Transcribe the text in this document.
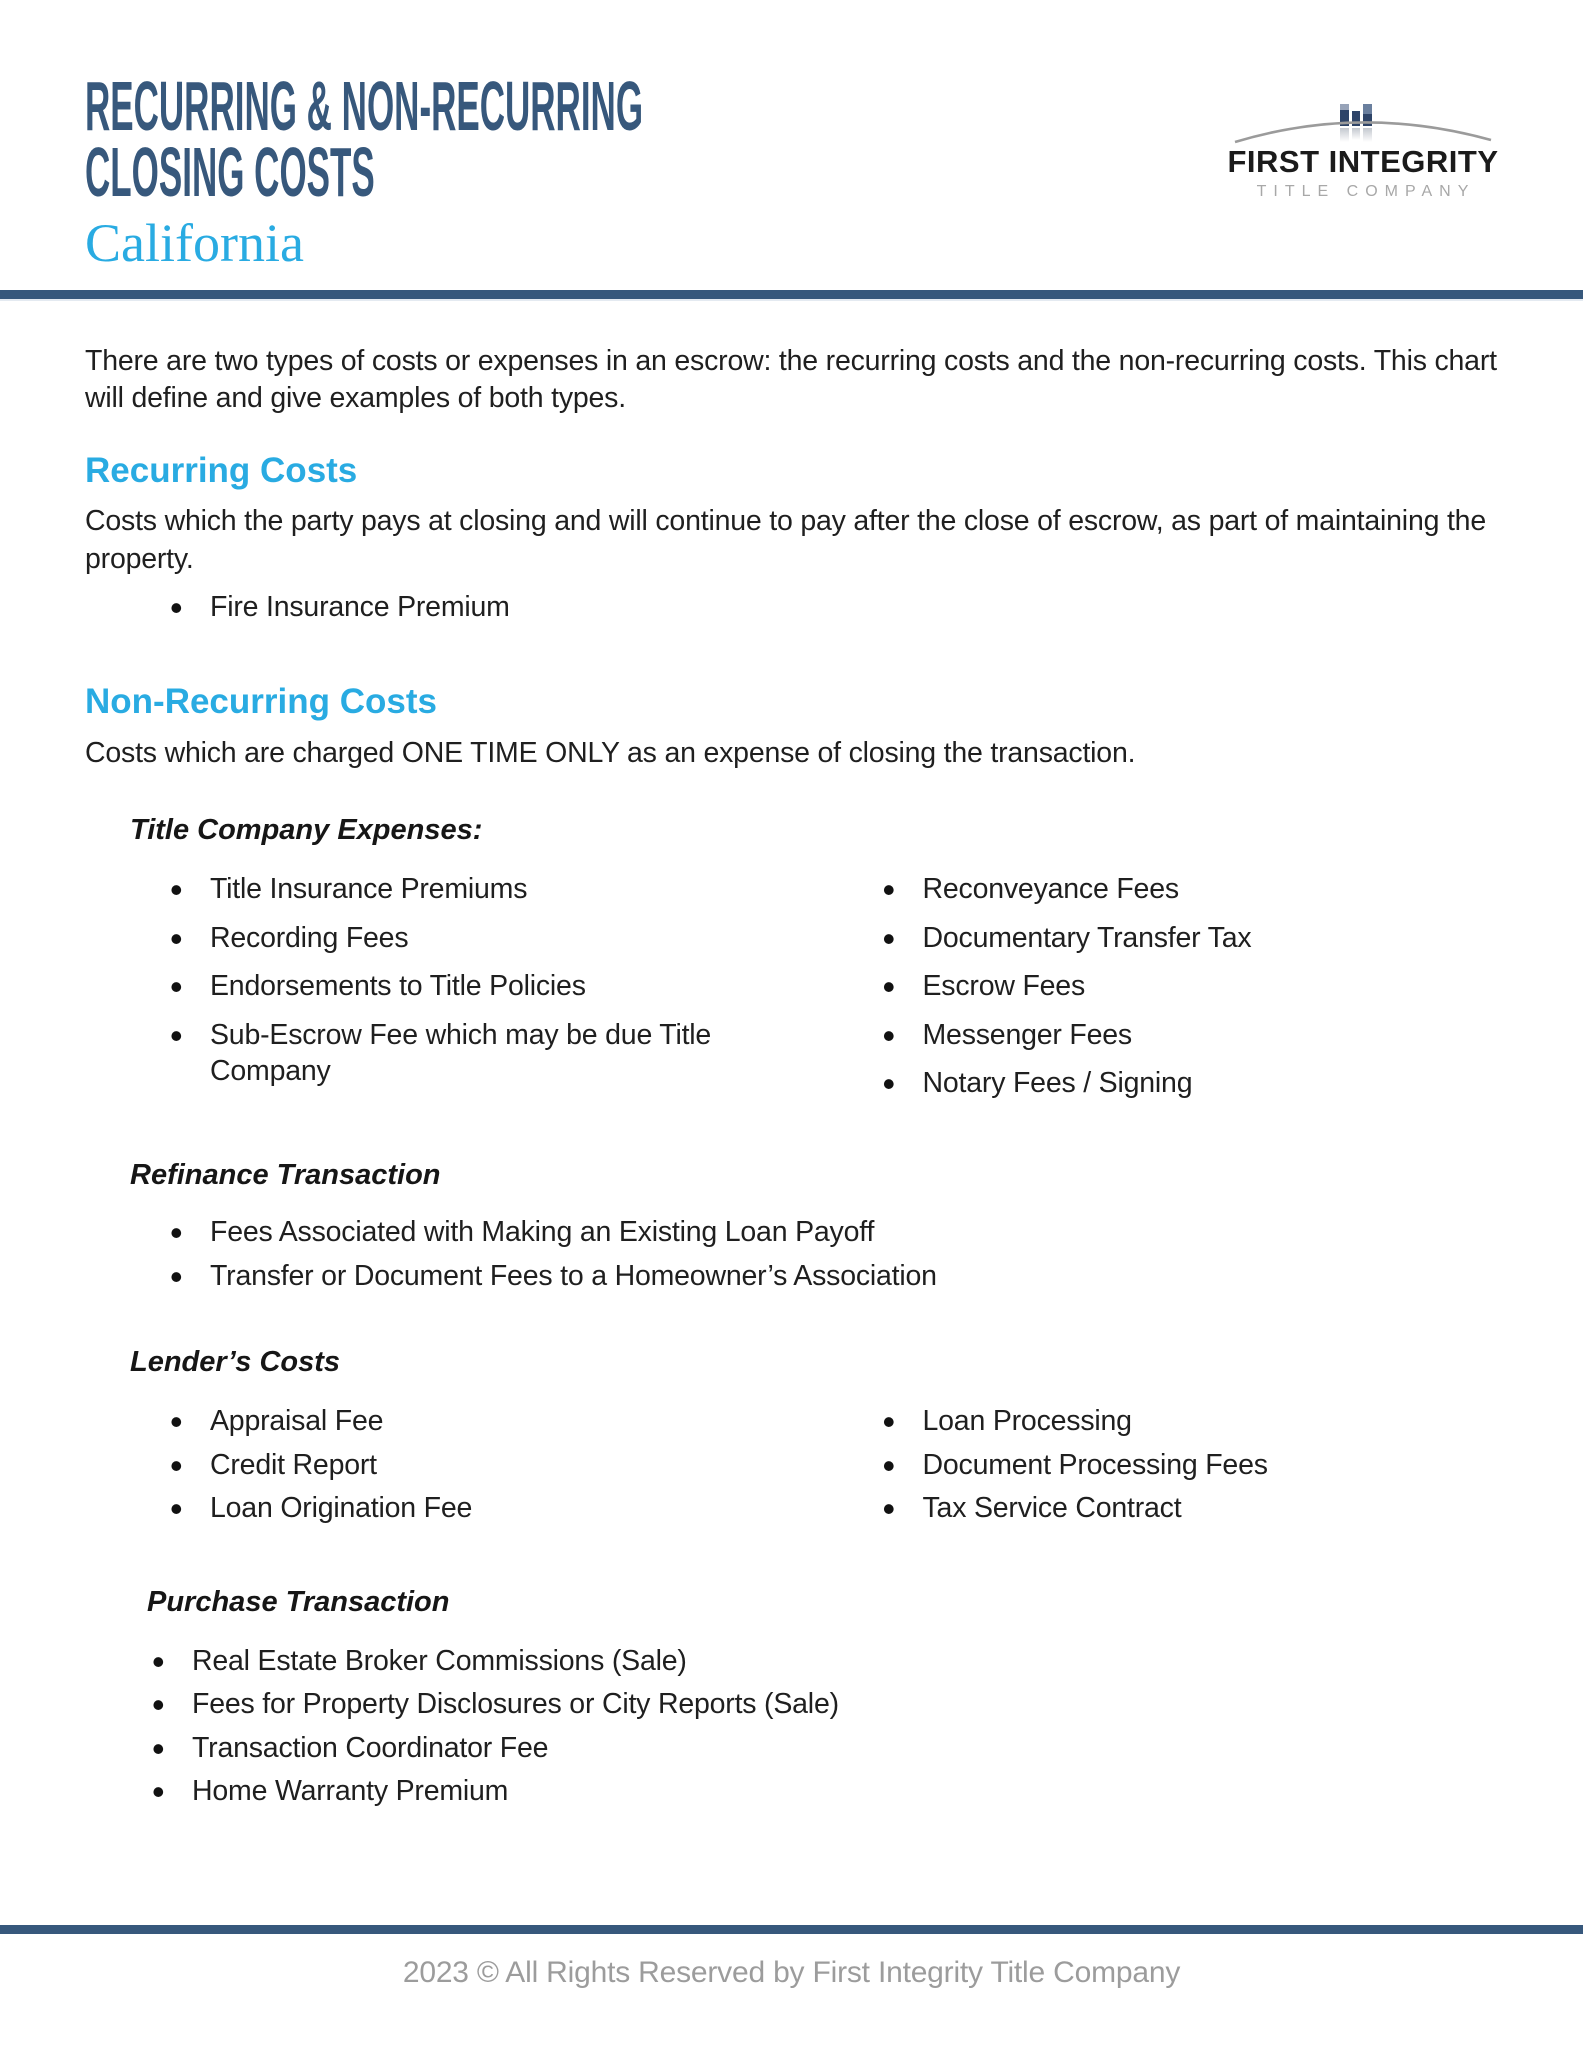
FIRST INTEGRITY
TITLE COMPANY
RECURRING & NON-RECURRING
CLOSING COSTS
California

There are two types of costs or expenses in an escrow: the recurring costs and the non-recurring costs. This chart will define and give examples of both types.

Recurring Costs

Costs which the party pays at closing and will continue to pay after the close of escrow, as part of maintaining the property.

• Fire Insurance Premium
Non-Recurring Costs

Costs which are charged ONE TIME ONLY as an expense of closing the transaction.

Title Company Expenses:
• Title Insurance Premiums
• Recording Fees
• Endorsements to Title Policies
• Sub-Escrow Fee which may be due Title Company
• Reconveyance Fees
• Documentary Transfer Tax
• Escrow Fees
• Messenger Fees
• Notary Fees / Signing
Refinance Transaction
• Fees Associated with Making an Existing Loan Payoff
• Transfer or Document Fees to a Homeowner’s Association
Lender’s Costs
• Appraisal Fee
• Credit Report
• Loan Origination Fee
• Loan Processing
• Document Processing Fees
• Tax Service Contract
Purchase Transaction
• Real Estate Broker Commissions (Sale)
• Fees for Property Disclosures or City Reports (Sale)
• Transaction Coordinator Fee
• Home Warranty Premium
2023 © All Rights Reserved by First Integrity Title Company
